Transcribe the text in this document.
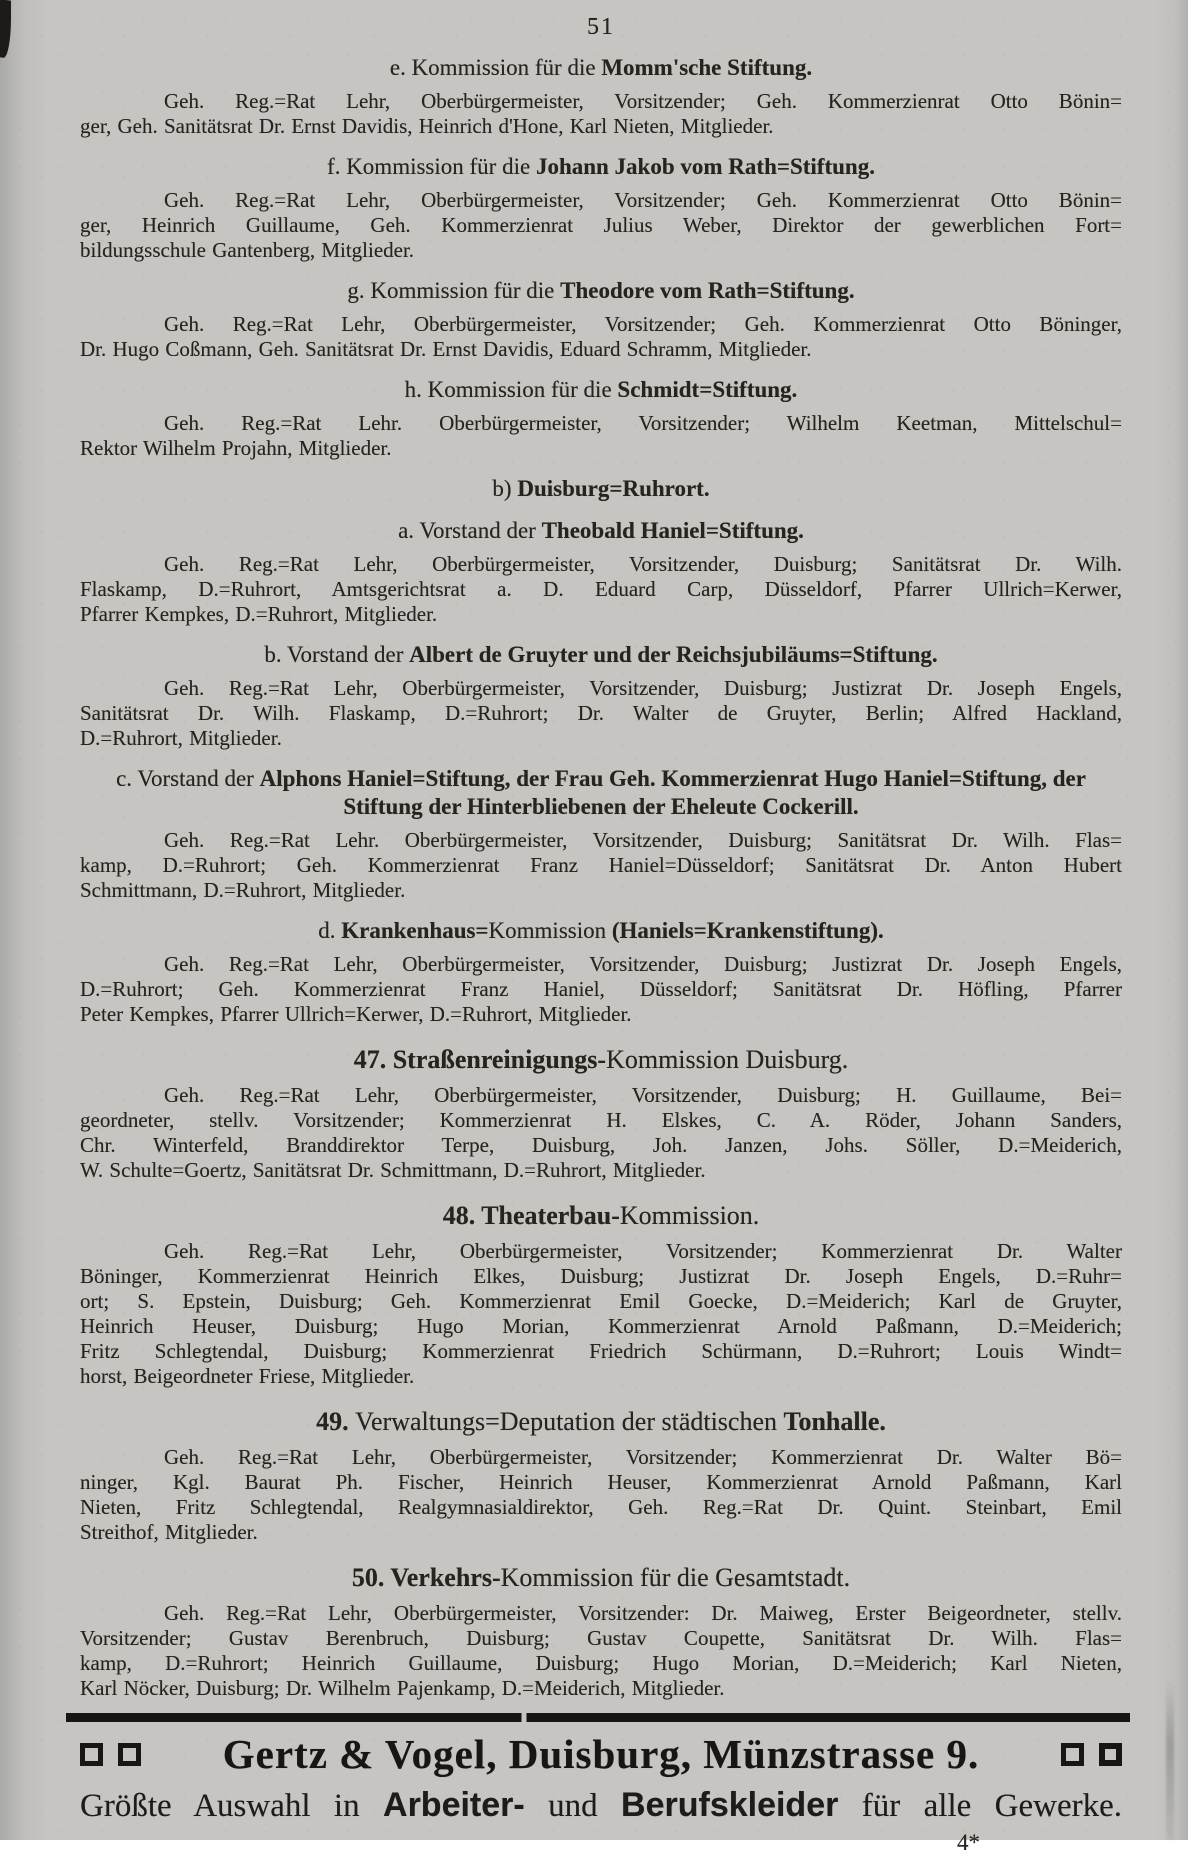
51
e. Kommission für die Momm'sche Stiftung.
Geh. Reg.=Rat Lehr, Oberbürgermeister, Vorsitzender; Geh. Kommerzienrat Otto Bönin=
ger, Geh. Sanitätsrat Dr. Ernst Davidis, Heinrich d'Hone, Karl Nieten, Mitglieder.
f. Kommission für die Johann Jakob vom Rath=Stiftung.
Geh. Reg.=Rat Lehr, Oberbürgermeister, Vorsitzender; Geh. Kommerzienrat Otto Bönin=
ger, Heinrich Guillaume, Geh. Kommerzienrat Julius Weber, Direktor der gewerblichen Fort=
bildungsschule Gantenberg, Mitglieder.
g. Kommission für die Theodore vom Rath=Stiftung.
Geh. Reg.=Rat Lehr, Oberbürgermeister, Vorsitzender; Geh. Kommerzienrat Otto Böninger,
Dr. Hugo Coßmann, Geh. Sanitätsrat Dr. Ernst Davidis, Eduard Schramm, Mitglieder.
h. Kommission für die Schmidt=Stiftung.
Geh. Reg.=Rat Lehr. Oberbürgermeister, Vorsitzender; Wilhelm Keetman, Mittelschul=
Rektor Wilhelm Projahn, Mitglieder.
b) Duisburg=Ruhrort.
a. Vorstand der Theobald Haniel=Stiftung.
Geh. Reg.=Rat Lehr, Oberbürgermeister, Vorsitzender, Duisburg; Sanitätsrat Dr. Wilh.
Flaskamp, D.=Ruhrort, Amtsgerichtsrat a. D. Eduard Carp, Düsseldorf, Pfarrer Ullrich=Kerwer,
Pfarrer Kempkes, D.=Ruhrort, Mitglieder.
b. Vorstand der Albert de Gruyter und der Reichsjubiläums=Stiftung.
Geh. Reg.=Rat Lehr, Oberbürgermeister, Vorsitzender, Duisburg; Justizrat Dr. Joseph Engels,
Sanitätsrat Dr. Wilh. Flaskamp, D.=Ruhrort; Dr. Walter de Gruyter, Berlin; Alfred Hackland,
D.=Ruhrort, Mitglieder.
c. Vorstand der Alphons Haniel=Stiftung, der Frau Geh. Kommerzienrat Hugo Haniel=Stiftung, der Stiftung der Hinterbliebenen der Eheleute Cockerill.
Geh. Reg.=Rat Lehr. Oberbürgermeister, Vorsitzender, Duisburg; Sanitätsrat Dr. Wilh. Flas=
kamp, D.=Ruhrort; Geh. Kommerzienrat Franz Haniel=Düsseldorf; Sanitätsrat Dr. Anton Hubert
Schmittmann, D.=Ruhrort, Mitglieder.
d. Krankenhaus=Kommission (Haniels=Krankenstiftung).
Geh. Reg.=Rat Lehr, Oberbürgermeister, Vorsitzender, Duisburg; Justizrat Dr. Joseph Engels,
D.=Ruhrort; Geh. Kommerzienrat Franz Haniel, Düsseldorf; Sanitätsrat Dr. Höfling, Pfarrer
Peter Kempkes, Pfarrer Ullrich=Kerwer, D.=Ruhrort, Mitglieder.
47. Straßenreinigungs-Kommission Duisburg.
Geh. Reg.=Rat Lehr, Oberbürgermeister, Vorsitzender, Duisburg; H. Guillaume, Bei=
geordneter, stellv. Vorsitzender; Kommerzienrat H. Elskes, C. A. Röder, Johann Sanders,
Chr. Winterfeld, Branddirektor Terpe, Duisburg, Joh. Janzen, Johs. Söller, D.=Meiderich,
W. Schulte=Goertz, Sanitätsrat Dr. Schmittmann, D.=Ruhrort, Mitglieder.
48. Theaterbau-Kommission.
Geh. Reg.=Rat Lehr, Oberbürgermeister, Vorsitzender; Kommerzienrat Dr. Walter
Böninger, Kommerzienrat Heinrich Elkes, Duisburg; Justizrat Dr. Joseph Engels, D.=Ruhr=
ort; S. Epstein, Duisburg; Geh. Kommerzienrat Emil Goecke, D.=Meiderich; Karl de Gruyter,
Heinrich Heuser, Duisburg; Hugo Morian, Kommerzienrat Arnold Paßmann, D.=Meiderich;
Fritz Schlegtendal, Duisburg; Kommerzienrat Friedrich Schürmann, D.=Ruhrort; Louis Windt=
horst, Beigeordneter Friese, Mitglieder.
49. Verwaltungs=Deputation der städtischen Tonhalle.
Geh. Reg.=Rat Lehr, Oberbürgermeister, Vorsitzender; Kommerzienrat Dr. Walter Bö=
ninger, Kgl. Baurat Ph. Fischer, Heinrich Heuser, Kommerzienrat Arnold Paßmann, Karl
Nieten, Fritz Schlegtendal, Realgymnasialdirektor, Geh. Reg.=Rat Dr. Quint. Steinbart, Emil
Streithof, Mitglieder.
50. Verkehrs-Kommission für die Gesamtstadt.
Geh. Reg.=Rat Lehr, Oberbürgermeister, Vorsitzender: Dr. Maiweg, Erster Beigeordneter, stellv.
Vorsitzender; Gustav Berenbruch, Duisburg; Gustav Coupette, Sanitätsrat Dr. Wilh. Flas=
kamp, D.=Ruhrort; Heinrich Guillaume, Duisburg; Hugo Morian, D.=Meiderich; Karl Nieten,
Karl Nöcker, Duisburg; Dr. Wilhelm Pajenkamp, D.=Meiderich, Mitglieder.
Gertz & Vogel, Duisburg, Münzstrasse 9.
Größte Auswahl in Arbeiter- und Berufskleider für alle Gewerke.
4*
